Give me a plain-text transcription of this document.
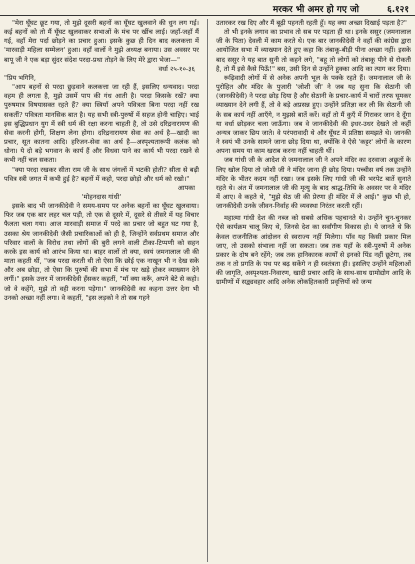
मरकर भी अमर हो गए जो	६.१२१

"मेरा घूँघट छूट गया, तो मुझे दूसरी बहनों का घूँघट खुलवाने की धुन लग गई। कई बहनों को तो मैं घूँघट खुलवाकर सभाओं के मंच पर खींच लाई। जहाँ-जहाँ मैं गई, वहाँ मेरा पर्दा छोड़ने का प्रचार हुआ। इसके कुछ ही दिन बाद कलकत्ता में 'मारवाड़ी महिला सम्मेलन' हुआ। वहाँ वालों ने मुझे अध्यक्ष बनाया। उस अवसर पर बापू जी ने एक बड़ा सुंदर संदेश परदा-प्रथा तोड़ने के लिए मेरे द्वारा भेजा—"

वर्धा २५-१०-३६

"प्रिय भगिनि,

"आप बहनों से परदा छुड़वाने कलकत्ता जा रही हैं, इसलिए धन्यवाद। परदा वहम ही लगता है, मुझे उसमें पाप की गंध आती है। परदा किसके रखें? क्या पुरुषमात्र विषयासक्त रहते हैं? क्या स्त्रियाँ अपने पवित्रता बिना परदा नहीं रख सकतीं? पवित्रता मानसिक बात है। यह सभी स्त्री-पुरुषों में सहज होनी चाहिए। भाई इस बुद्धिप्रधान युग में स्त्री धर्म की रक्षा करना चाहती है, तो उसे दरिद्रनारायण की सेवा करनी होगी, शिक्षण लेना होगा। दरिद्रनारायण सेवा का अर्थ है—खादी का प्रचार, सूत कातना आदि। हरिजन-सेवा का अर्थ है—अस्पृश्यतारूपी कलंक को धोना। ये दो बड़े भगवान के कार्य हैं और विधवा पाने का कार्य भी परदा रखने से कभी नहीं चल सकता।

"क्या परदा रखकर सीता राम जी के साथ जंगलों में भटकी होती? सीता से बढ़ी पवित्र स्त्री जगत में कभी हुई है? बहनों में कहो, परदा छोड़ो और धर्म को रखो।"

आपका

'मोहनदास गांधी'

इसके बाद भी जानकीदेवी ने समय-समय पर अनेक बहनों का घूँघट खुलवाया। फिर जब एक बार लहर चल पड़ी, तो एक से दूसरे में, दूसरे से तीसरे में यह विचार फैलता चला गया। आज मारवाड़ी समाज में परदे का प्रचार जो बहुत घट गया है, उसका श्रेय जानकीदेवी जैसी प्रचारिकाओं को ही है, जिन्होंने सर्वप्रथम समाज और परिवार वालों के विरोध तथा लोगों की बुरी लगने वाली टीका-टिप्पणी को सहन करके इस कार्य को आरंभ किया था। बाहर वालों तो क्या, स्वयं जमनालाल जी की माता कहती थीं, "जब परदा करती थी तो ऐसा कि छोई एक नाखून भी न देख सके और अब छोड़ा, तो ऐसा कि पुरुषों की सभा में मंच पर खड़े होकर व्याख्यान देने लगीं।" इसके उत्तर में जानकीदेवी हँसकर कहतीं, "माँ क्या करूँ, अपने बेटे से कहो। जो वे कहेंगे, मुझे तो वही करना पड़ेगा।" जानकीदेवी का कहना उत्तर देना भी उनको अच्छा नहीं लगा। वे कहतीं, "इस लड़को ने तो सब गहने

उतारकर रख दिए और मैं बूढ़ी पहनती रहती हूँ। यह क्या अच्छा दिखाई पड़ता है?"

तो भी इनके लगाव का प्रभाव तो सब पर पड़ता ही था। इनके ससुर (जमनालाल जी के पिता) देवली में काम करते थे। एक बार जानकीदेवी ने वहाँ की कांग्रेस द्वारा आयोजित सभा में व्याख्यान देते हुए कहा कि तंबाकू-बीड़ी पीना अच्छा नहीं। इसके बाद ससुर ने यह बात सुनी तो कहने लगे, "बहू तो लोगों को तंबाकू पीने से रोकती है, तो मैं इसे कैसे पिऊँ!" बस, उसी दिन से उन्होंने हुक्का आदि का त्याग कर दिया।

रूढ़िवादी लोगों में से अनेक अपनी भूल के पक्के रहते हैं। जमनालाल जी के पुरोहित और मंदिर के पुजारी 'जोशी जी' ने जब यह सुना कि सेठानी जी (जानकीदेवी) ने परदा छोड़ दिया है और सेठानी के प्रचार-कार्य में चारों तरफ घूमकर व्याख्यान देने लगी हैं, तो वे बड़े अप्रसन्न हुए। उन्होंने प्रतिज्ञा कर ली कि सेठानी जी के सब कार्य नहीं आएँगे, न मुझसे बातें करें। वहाँ तो मैं कुएँ में गिराकर जान दे दूँगा या वर्धा छोड़कर चला जाऊँगा। जब वे जानकीदेवी की इधर-उधर देखते तो कहीं अन्यत्र जाकर छिप जाते। वे परंपरावादी थे और घूँघट में प्रतिष्ठा समझते थे। जानकी ने स्वयं भी उनके सामने जाना छोड़ दिया था, क्योंकि वे ऐसे 'कट्टर' लोगों के कारण अपना समय या काम खराब करना नहीं चाहती थीं।

जब गांधी जी के आदेश से जमनालाल जी ने अपने मंदिर का दरवाजा अछूतों के लिए खोल दिया तो जोशी जी ने मंदिर जाना ही छोड़ दिया। पच्चीस वर्ष तक उन्होंने मंदिर के भीतर कदम नहीं रखा। जब इसके लिए गांधी जी की भरपेट बातें सुनाते रहते थे। अंत में जमनालाल जी की मृत्यु के बाद श्राद्ध-तिथि के अवसर पर वे मंदिर में आए। वे कहते थे, "मुझे सेठ जी की प्रेरणा ही मंदिर में ले आई।" कुछ भी हो, जानकीदेवी उनके जीवन-निर्वाह की व्यवस्था निरंतर करती रहीं।

महात्मा गांधी देश की नब्ज को सबसे अधिक पहचानते थे। उन्होंने चुन-चुनकर ऐसे कार्यक्रम चालू किए थे, जिनसे देश का सर्वांगीण विकास हो। ये जानते थे कि केवल राजनीतिक आंदोलन से स्वराज्य नहीं मिलेगा। पाँव यह किसी प्रकार मिल जाए, तो उसको संभाला नहीं जा सकता। जब तक यहाँ के स्त्री-पुरुषों में अनेक प्रकार के दोष बने रहेंगे; जब तक हानिकारक कार्यों से इनको पिंड नहीं छूटेगा, तब तक न तो प्रगति के पथ पर बढ़ सकेंगे न ही स्वतंत्रता ही। इसलिए उन्होंने महिलाओं की जागृति, अस्पृश्यता-निवारण, खादी प्रचार आदि के साथ-साथ ग्रामोद्योग आदि के ग्रामीणों में सद्व्यवहार आदि अनेक लोकहितकारी प्रवृत्तियों को जन्म
